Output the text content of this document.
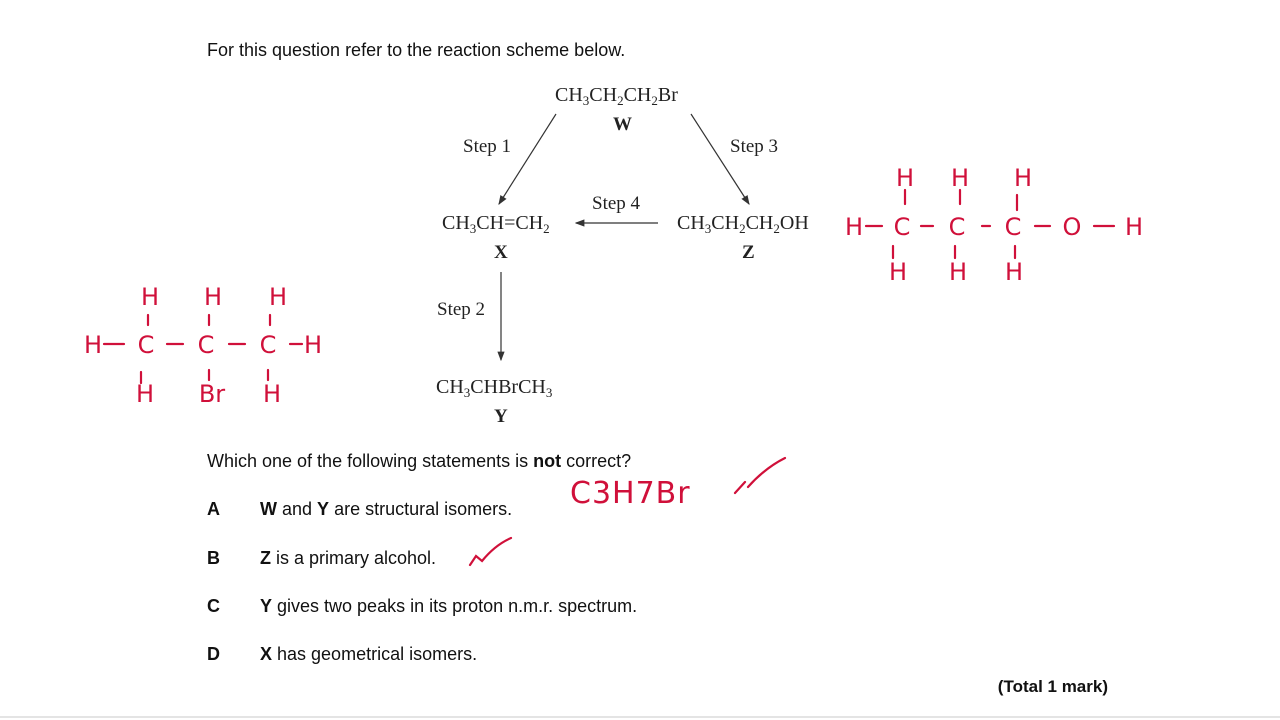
For this question refer to the reaction scheme below.
$CH_3CH_2CH_2Br$
W
$CH_3CH=CH_2$
X
$CH_3CH_2CH_2OH$
Z
$CH_3CHBrCH_3$
Y
Step 1
Step 2
Step 3
Step 4
Which one of the following statements is not correct?
A W and Y are structural isomers.
B Z is a primary alcohol.
C Y gives two peaks in its proton n.m.r. spectrum.
D X has geometrical isomers.
(Total 1 mark)
C3H7Br
H H H
H C C C H
H Br H
H H H
H C C C O H
H H H
